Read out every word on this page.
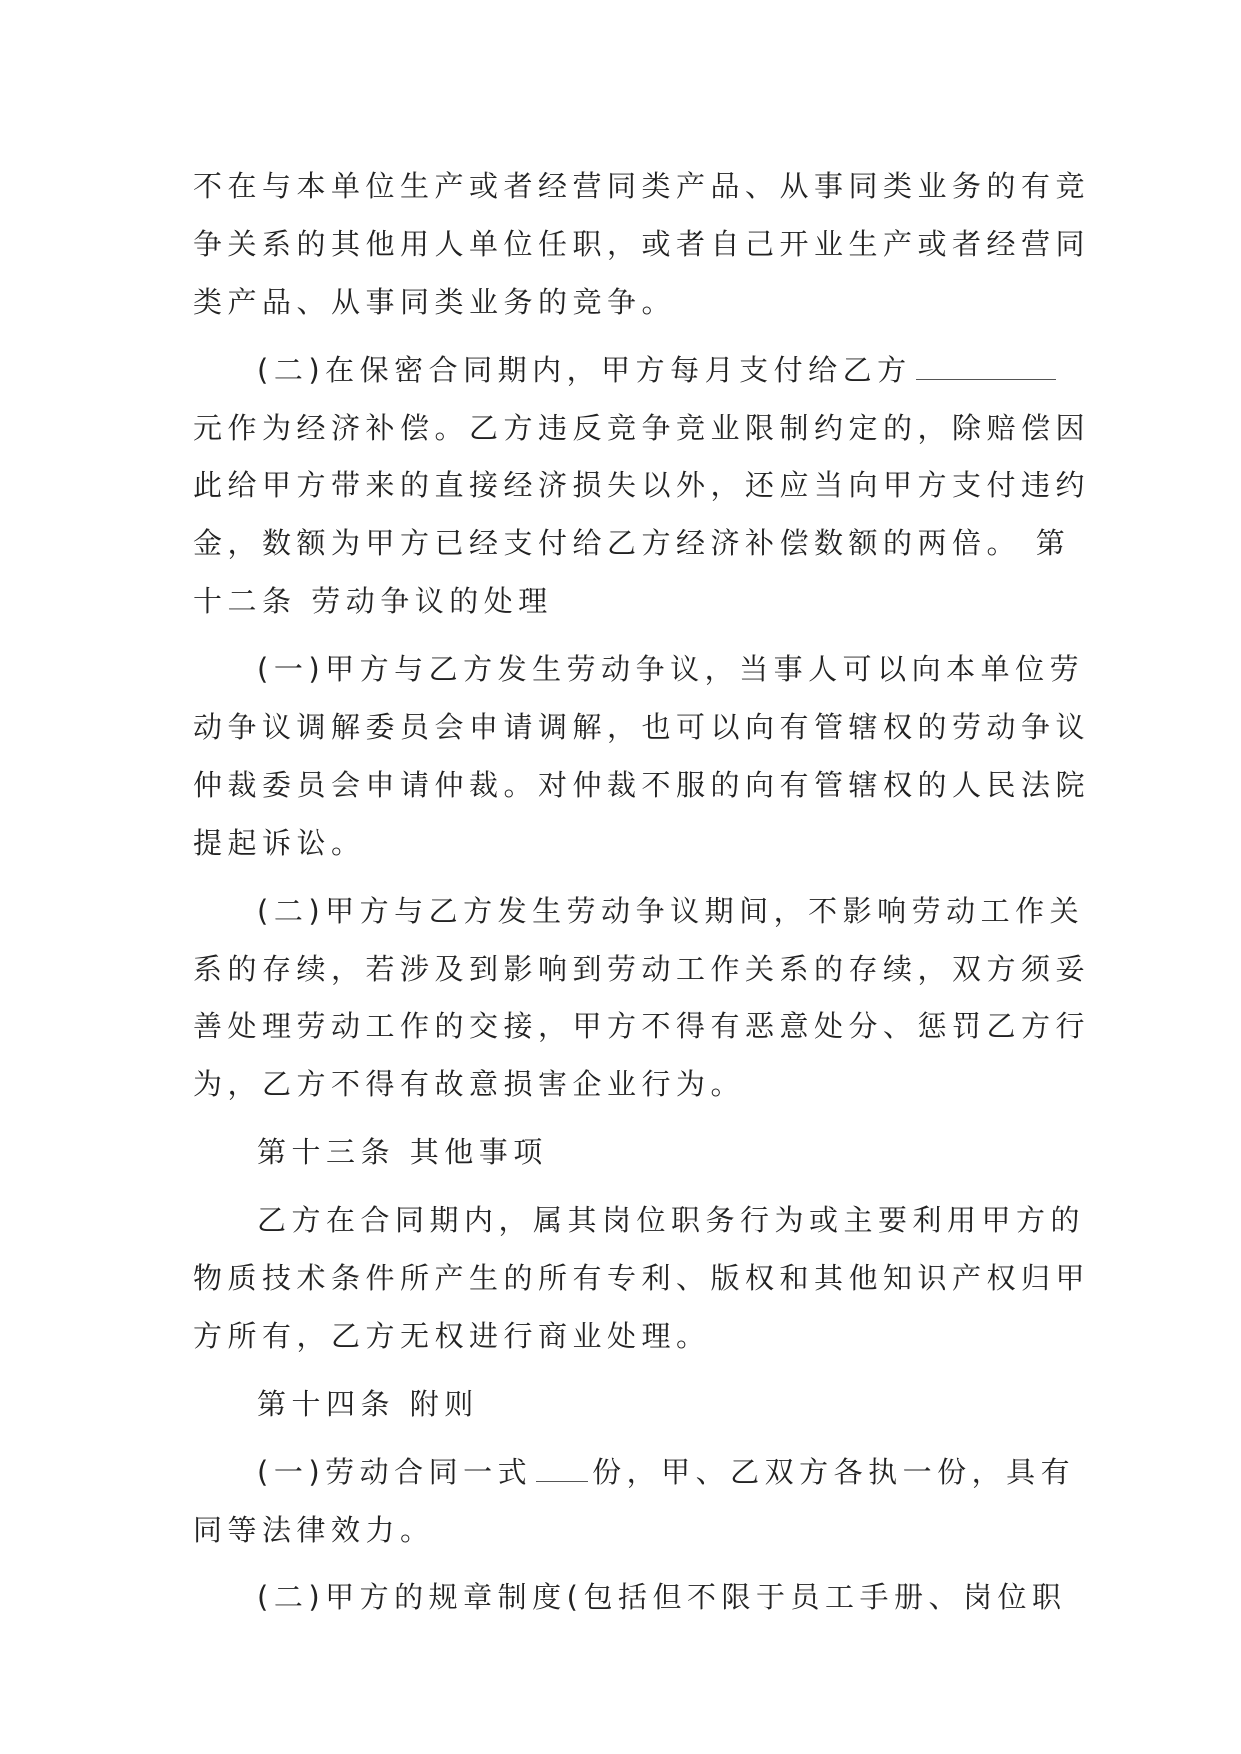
不在与本单位生产或者经营同类产品、从事同类业务的有竞
争关系的其他用人单位任职，或者自己开业生产或者经营同
类产品、从事同类业务的竞争。
(二)在保密合同期内，甲方每月支付给乙方
元作为经济补偿。乙方违反竞争竞业限制约定的，除赔偿因
此给甲方带来的直接经济损失以外，还应当向甲方支付违约
金，数额为甲方已经支付给乙方经济补偿数额的两倍。 第
十二条 劳动争议的处理
(一)甲方与乙方发生劳动争议，当事人可以向本单位劳
动争议调解委员会申请调解，也可以向有管辖权的劳动争议
仲裁委员会申请仲裁。对仲裁不服的向有管辖权的人民法院
提起诉讼。
(二)甲方与乙方发生劳动争议期间，不影响劳动工作关
系的存续，若涉及到影响到劳动工作关系的存续，双方须妥
善处理劳动工作的交接，甲方不得有恶意处分、惩罚乙方行
为，乙方不得有故意损害企业行为。
第十三条 其他事项
乙方在合同期内，属其岗位职务行为或主要利用甲方的
物质技术条件所产生的所有专利、版权和其他知识产权归甲
方所有，乙方无权进行商业处理。
第十四条 附则
(一)劳动合同一式 份，甲、乙双方各执一份，具有
同等法律效力。
(二)甲方的规章制度(包括但不限于员工手册、岗位职
